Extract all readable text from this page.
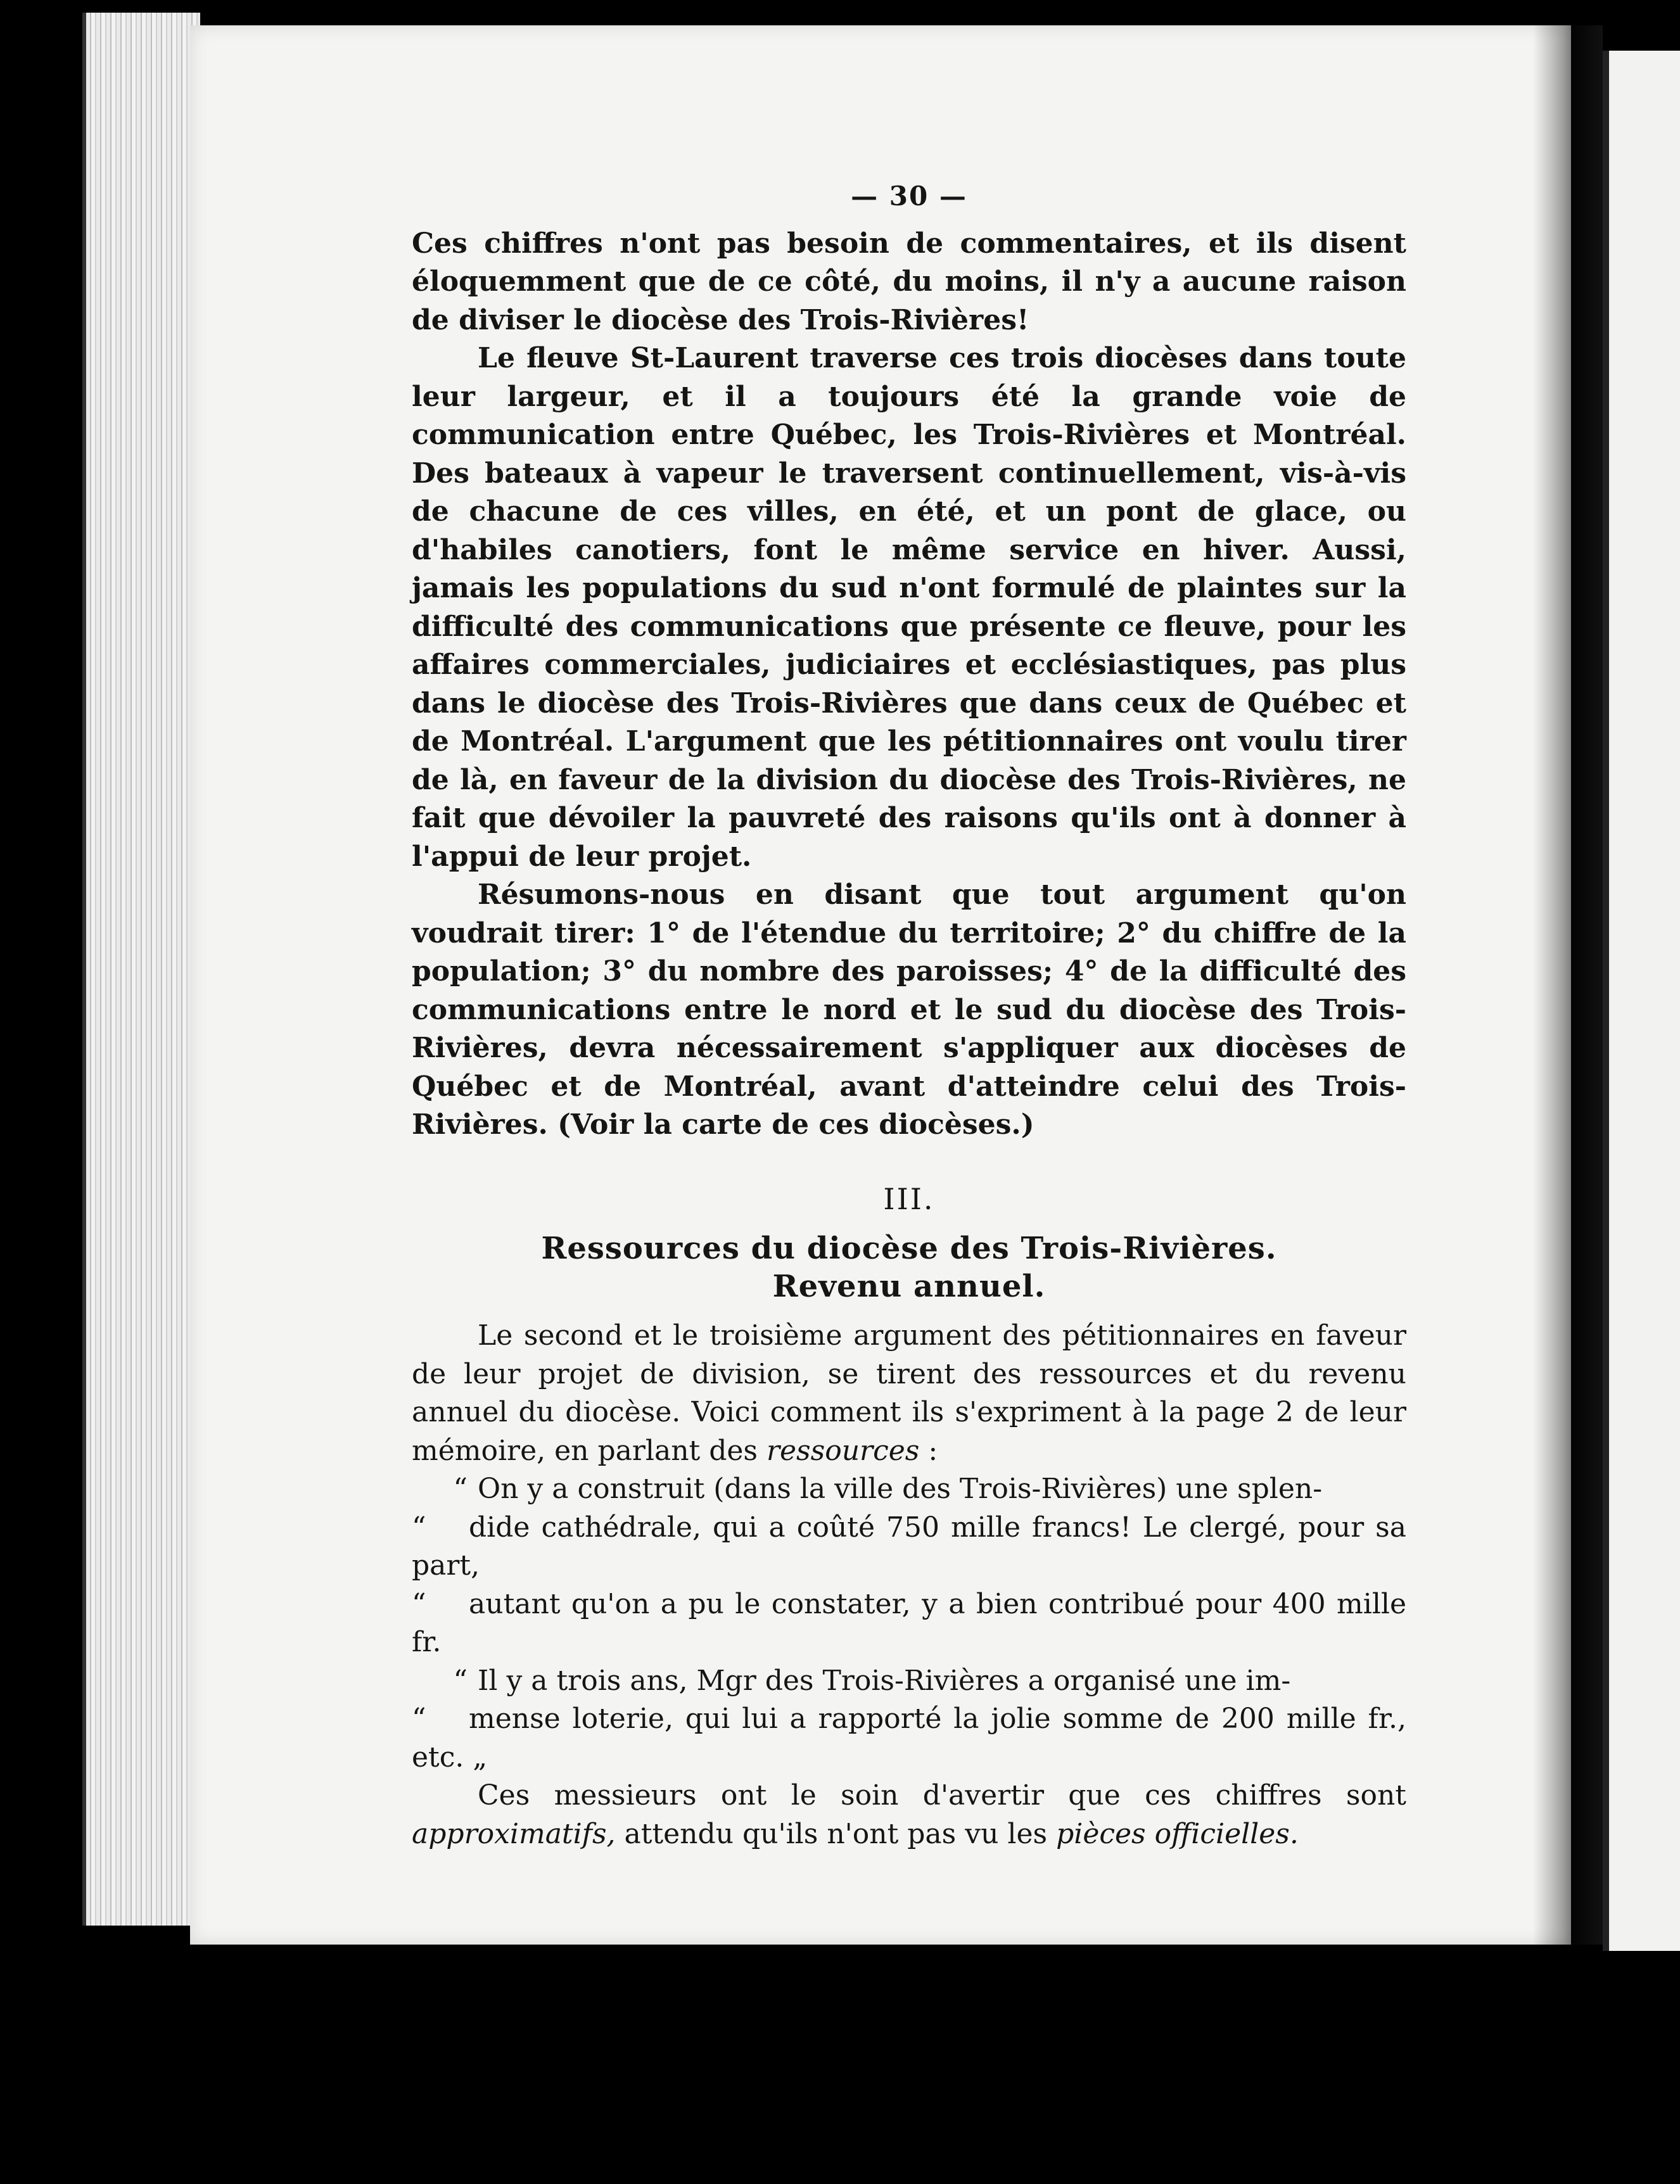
— 30 —

Ces chiffres n'ont pas besoin de commentaires, et ils disent éloquemment que de ce côté, du moins, il n'y a aucune raison de diviser le diocèse des Trois-Rivières!

Le fleuve St-Laurent traverse ces trois diocèses dans toute leur largeur, et il a toujours été la grande voie de communication entre Québec, les Trois-Rivières et Montréal. Des bateaux à vapeur le traversent continuellement, vis-à-vis de chacune de ces villes, en été, et un pont de glace, ou d'habiles canotiers, font le même service en hiver. Aussi, jamais les populations du sud n'ont formulé de plaintes sur la difficulté des communications que présente ce fleuve, pour les affaires commerciales, judiciaires et ecclésiastiques, pas plus dans le diocèse des Trois-Rivières que dans ceux de Québec et de Montréal. L'argument que les pétitionnaires ont voulu tirer de là, en faveur de la division du diocèse des Trois-Rivières, ne fait que dévoiler la pauvreté des raisons qu'ils ont à donner à l'appui de leur projet.

Résumons-nous en disant que tout argument qu'on voudrait tirer: 1° de l'étendue du territoire; 2° du chiffre de la population; 3° du nombre des paroisses; 4° de la difficulté des communications entre le nord et le sud du diocèse des Trois-Rivières, devra nécessairement s'appliquer aux diocèses de Québec et de Montréal, avant d'atteindre celui des Trois-Rivières. (Voir la carte de ces diocèses.)

III.
Ressources du diocèse des Trois-Rivières.
Revenu annuel.

Le second et le troisième argument des pétitionnaires en faveur de leur projet de division, se tirent des ressources et du revenu annuel du diocèse. Voici comment ils s'expriment à la page 2 de leur mémoire, en parlant des ressources :

“ On y a construit (dans la ville des Trois-Rivières) une splen-
“ dide cathédrale, qui a coûté 750 mille francs! Le clergé, pour sa part,
“ autant qu'on a pu le constater, y a bien contribué pour 400 mille fr.
“ Il y a trois ans, Mgr des Trois-Rivières a organisé une im-
“ mense loterie, qui lui a rapporté la jolie somme de 200 mille fr., etc. „

Ces messieurs ont le soin d'avertir que ces chiffres sont approximatifs, attendu qu'ils n'ont pas vu les pièces officielles.
